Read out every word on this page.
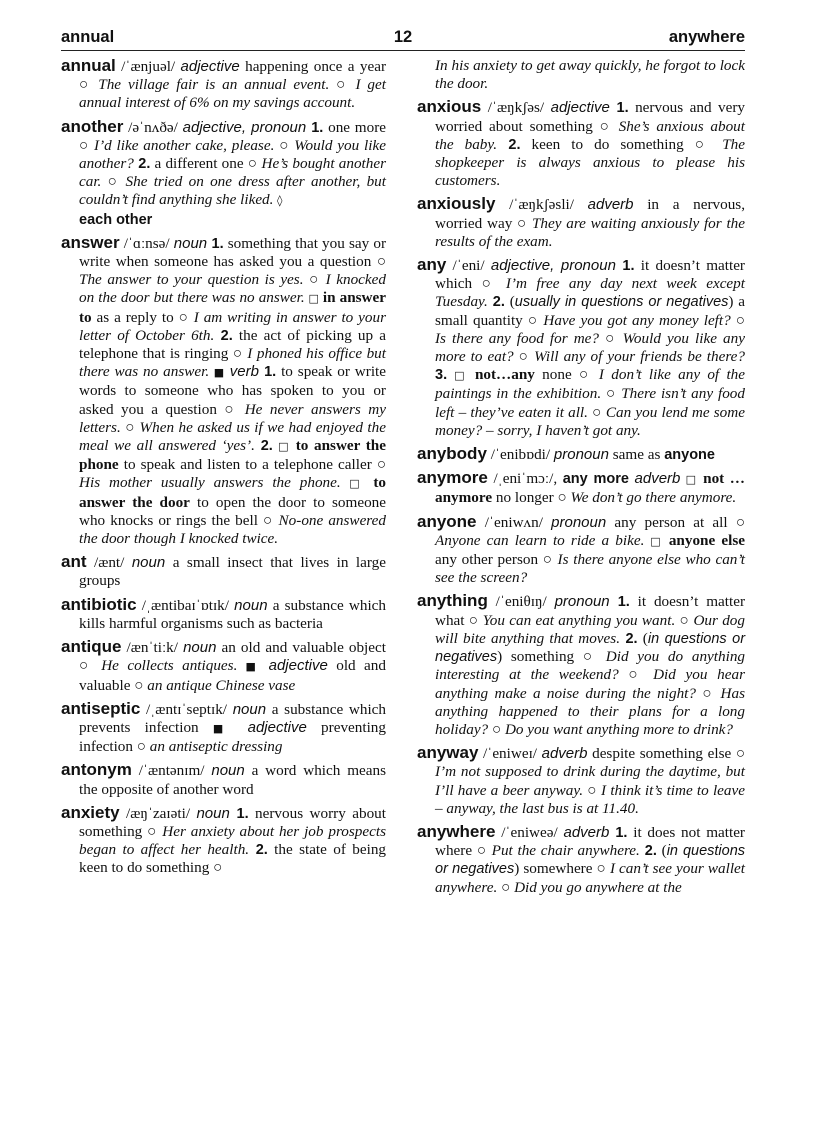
annual	12	anywhere

annual /ˈænjuəl/ adjective happening once a year ○ The village fair is an annual event. ○ I get annual interest of 6% on my savings account.

another /əˈnʌðə/ adjective, pronoun 1. one more ○ I’d like another cake, please. ○ Would you like another? 2. a different one ○ He’s bought another car. ○ She tried on one dress after another, but couldn’t find anything she liked. ◊
each other

answer /ˈɑːnsə/ noun 1. something that you say or write when someone has asked you a question ○ The answer to your question is yes. ○ I knocked on the door but there was no answer. □ in answer to as a reply to ○ I am writing in answer to your letter of October 6th. 2. the act of picking up a telephone that is ringing ○ I phoned his office but there was no answer. ■ verb 1. to speak or write words to someone who has spoken to you or asked you a question ○ He never answers my letters. ○ When he asked us if we had enjoyed the meal we all answered ‘yes’. 2. □ to answer the phone to speak and listen to a telephone caller ○ His mother usually answers the phone. □ to answer the door to open the door to someone who knocks or rings the bell ○ No-one answered the door though I knocked twice.

ant /ænt/ noun a small insect that lives in large groups

antibiotic /ˌæntibaɪˈɒtɪk/ noun a substance which kills harmful organisms such as bacteria

antique /ænˈtiːk/ noun an old and valuable object ○ He collects antiques. ■ adjective old and valuable ○ an antique Chinese vase

antiseptic /ˌæntɪˈseptɪk/ noun a substance which prevents infection ■ adjective preventing infection ○ an antiseptic dressing

antonym /ˈæntənɪm/ noun a word which means the opposite of another word

anxiety /æŋˈzaɪəti/ noun 1. nervous worry about something ○ Her anxiety about her job prospects began to affect her health. 2. the state of being keen to do something ○

In his anxiety to get away quickly, he forgot to lock the door.

anxious /ˈæŋkʃəs/ adjective 1. nervous and very worried about something ○ She’s anxious about the baby. 2. keen to do something ○ The shopkeeper is always anxious to please his customers.

anxiously /ˈæŋkʃəsli/ adverb in a nervous, worried way ○ They are waiting anxiously for the results of the exam.

any /ˈeni/ adjective, pronoun 1. it doesn’t matter which ○ I’m free any day next week except Tuesday. 2. (usually in questions or negatives) a small quantity ○ Have you got any money left? ○ Is there any food for me? ○ Would you like any more to eat? ○ Will any of your friends be there? 3. □ not…any none ○ I don’t like any of the paintings in the exhibition. ○ There isn’t any food left – they’ve eaten it all. ○ Can you lend me some money? – sorry, I haven’t got any.

anybody /ˈenibɒdi/ pronoun same as anyone

anymore /ˌeniˈmɔː/, any more adverb □ not … anymore no longer ○ We don’t go there anymore.

anyone /ˈeniwʌn/ pronoun any person at all ○ Anyone can learn to ride a bike. □ anyone else any other person ○ Is there anyone else who can’t see the screen?

anything /ˈeniθɪŋ/ pronoun 1. it doesn’t matter what ○ You can eat anything you want. ○ Our dog will bite anything that moves. 2. (in questions or negatives) something ○ Did you do anything interesting at the weekend? ○ Did you hear anything make a noise during the night? ○ Has anything happened to their plans for a long holiday? ○ Do you want anything more to drink?

anyway /ˈeniweɪ/ adverb despite something else ○ I’m not supposed to drink during the daytime, but I’ll have a beer anyway. ○ I think it’s time to leave – anyway, the last bus is at 11.40.

anywhere /ˈeniweə/ adverb 1. it does not matter where ○ Put the chair anywhere. 2. (in questions or negatives) somewhere ○ I can’t see your wallet anywhere. ○ Did you go anywhere at the
